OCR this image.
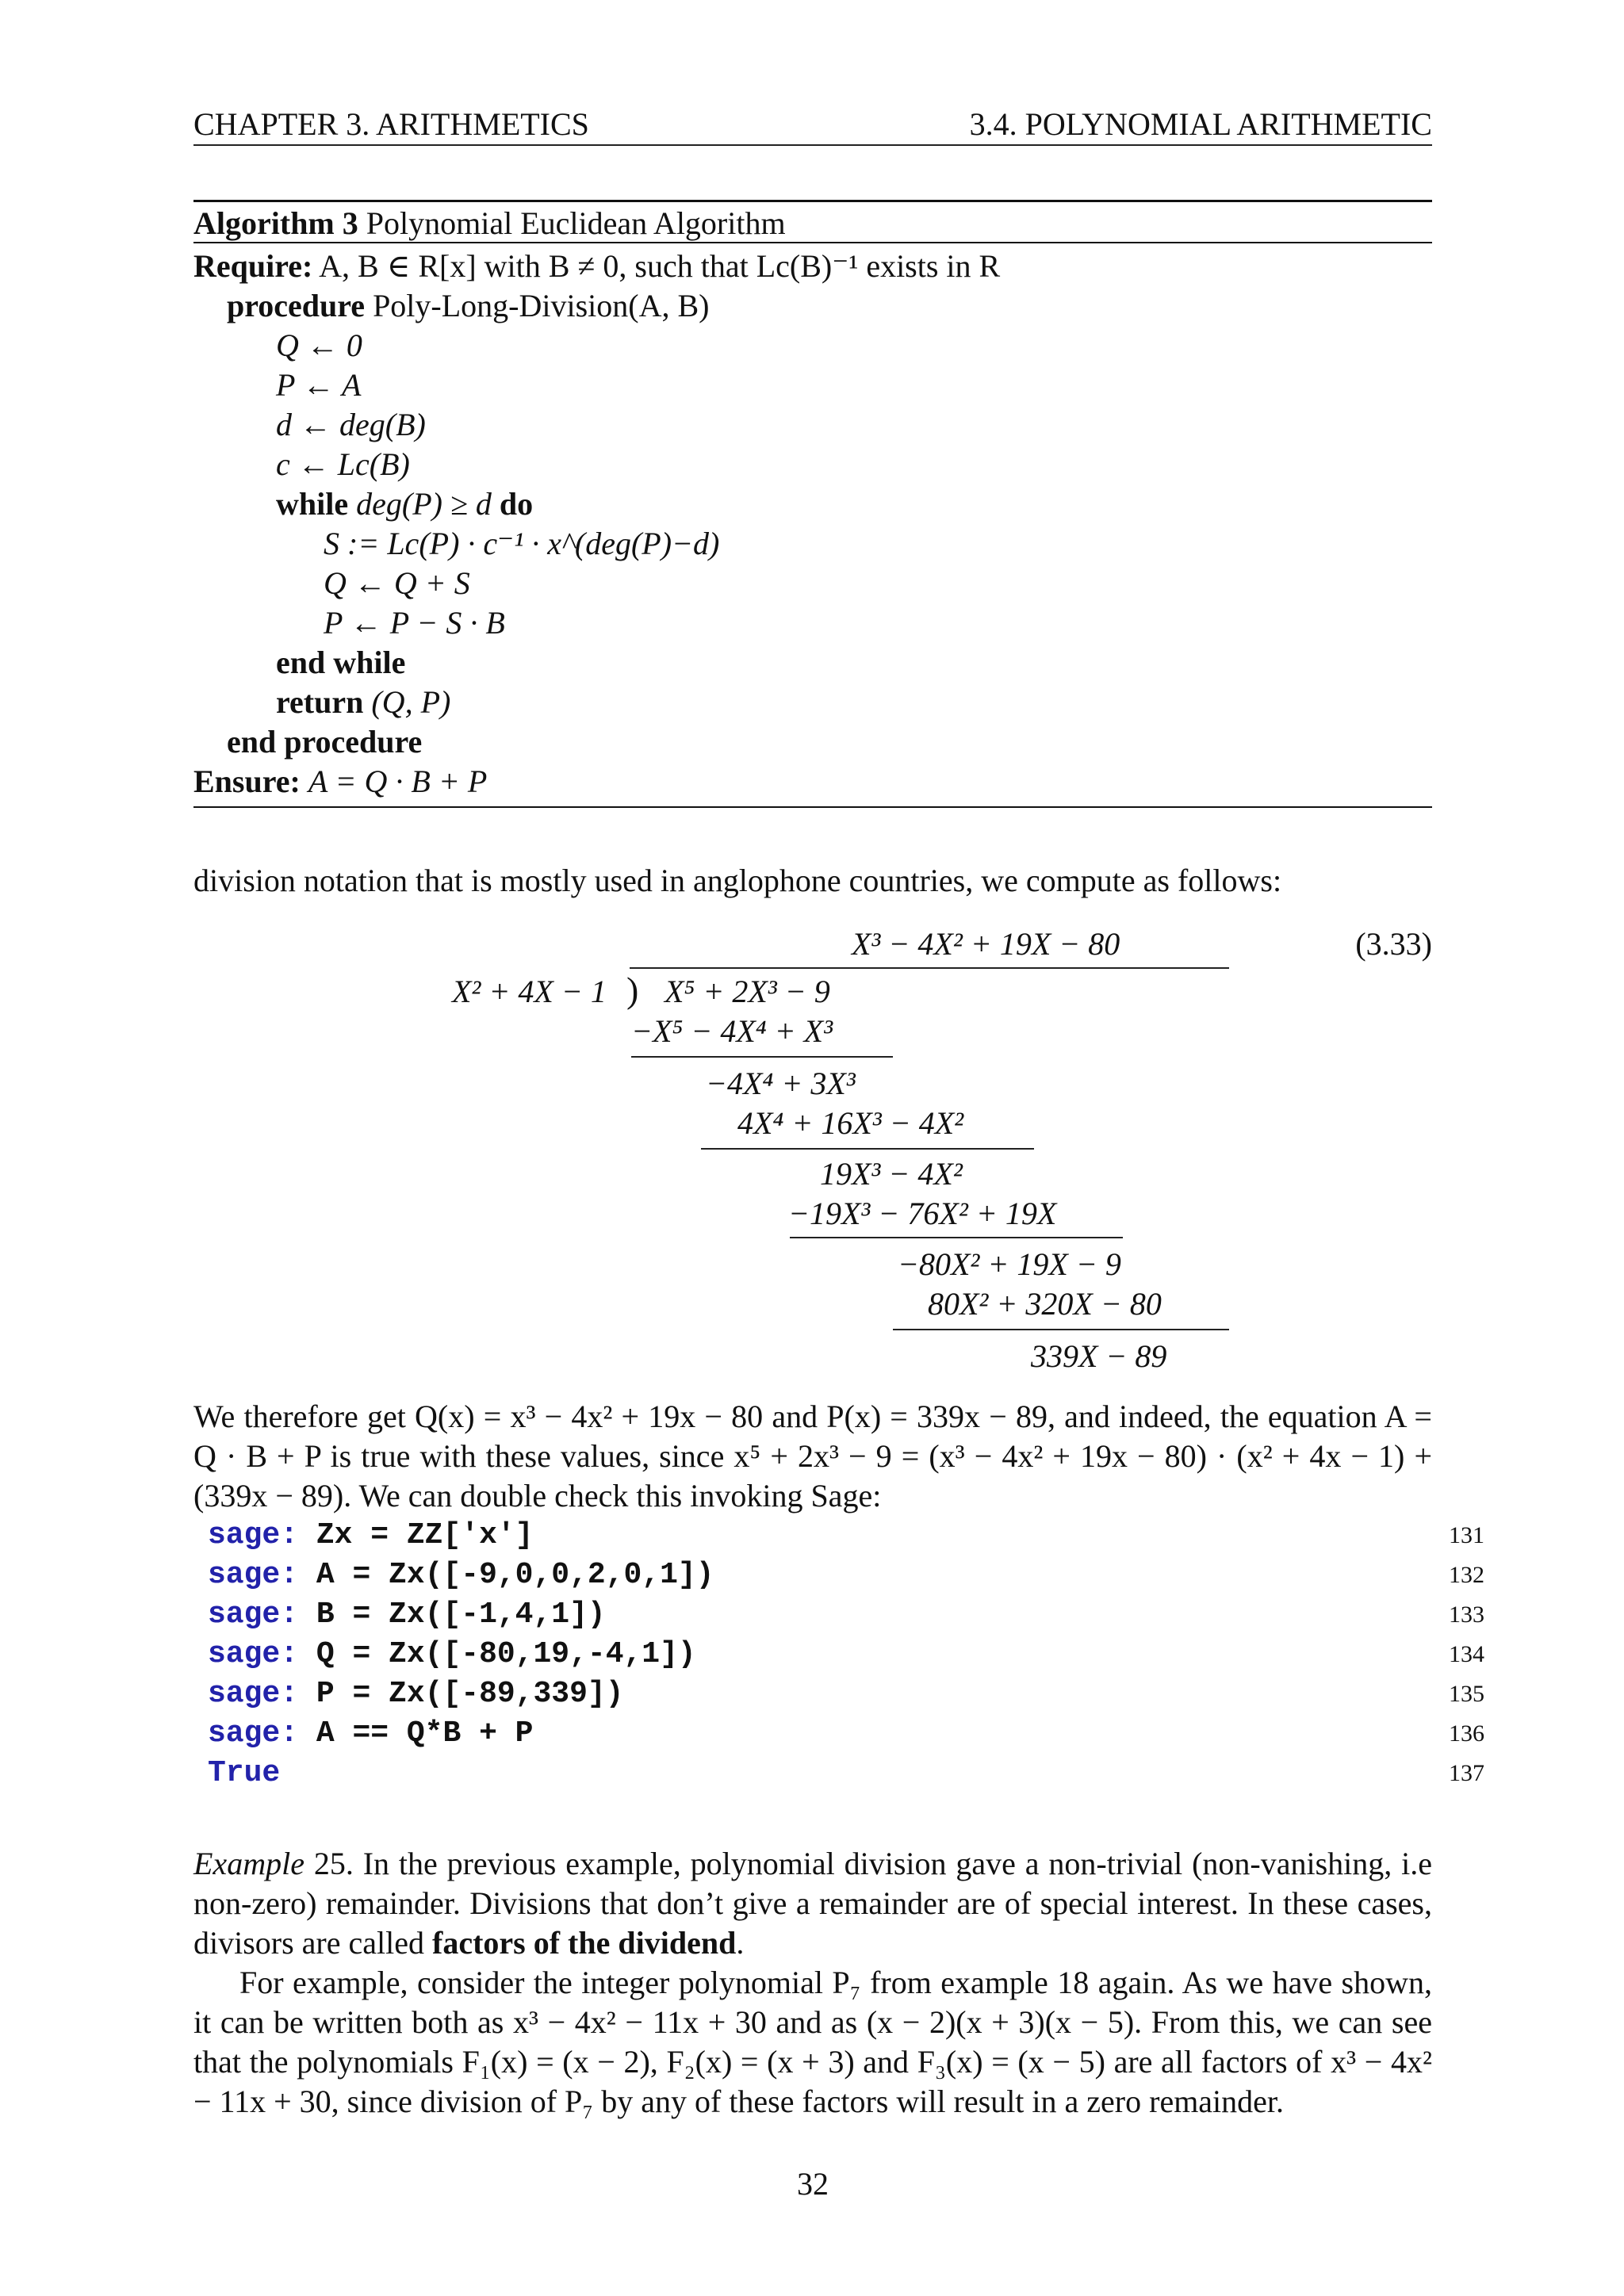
CHAPTER 3. ARITHMETICS	3.4. POLYNOMIAL ARITHMETIC
Algorithm 3 Polynomial Euclidean Algorithm
Require: A, B ∈ R[x] with B ≠ 0, such that Lc(B)⁻¹ exists in R
procedure Poly-Long-Division(A, B)
Q ← 0
P ← A
d ← deg(B)
c ← Lc(B)
while deg(P) ≥ d do
S := Lc(P) · c⁻¹ · x^(deg(P)−d)
Q ← Q + S
P ← P − S · B
end while
return (Q, P)
end procedure
Ensure: A = Q · B + P

division notation that is mostly used in anglophone countries, we compute as follows:

(3.33)
X³ − 4X² + 19X − 80
X² + 4X − 1 ) X⁵ + 2X³ − 9
−X⁵ − 4X⁴ + X³
−4X⁴ + 3X³
4X⁴ + 16X³ − 4X²
19X³ − 4X²
−19X³ − 76X² + 19X
−80X² + 19X − 9
80X² + 320X − 80
339X − 89

We therefore get Q(x) = x³ − 4x² + 19x − 80 and P(x) = 339x − 89, and indeed, the equation A = Q · B + P is true with these values, since x⁵ + 2x³ − 9 = (x³ − 4x² + 19x − 80) · (x² + 4x − 1) + (339x − 89). We can double check this invoking Sage:

sage: Zx = ZZ['x']	131
sage: A = Zx([-9,0,0,2,0,1])	132
sage: B = Zx([-1,4,1])	133
sage: Q = Zx([-80,19,-4,1])	134
sage: P = Zx([-89,339])	135
sage: A == Q*B + P	136
True	137

Example 25. In the previous example, polynomial division gave a non-trivial (non-vanishing, i.e non-zero) remainder. Divisions that don’t give a remainder are of special interest. In these cases, divisors are called factors of the dividend.

For example, consider the integer polynomial P₇ from example 18 again. As we have shown, it can be written both as x³ − 4x² − 11x + 30 and as (x − 2)(x + 3)(x − 5). From this, we can see that the polynomials F₁(x) = (x − 2), F₂(x) = (x + 3) and F₃(x) = (x − 5) are all factors of x³ − 4x² − 11x + 30, since division of P₇ by any of these factors will result in a zero remainder.

32
